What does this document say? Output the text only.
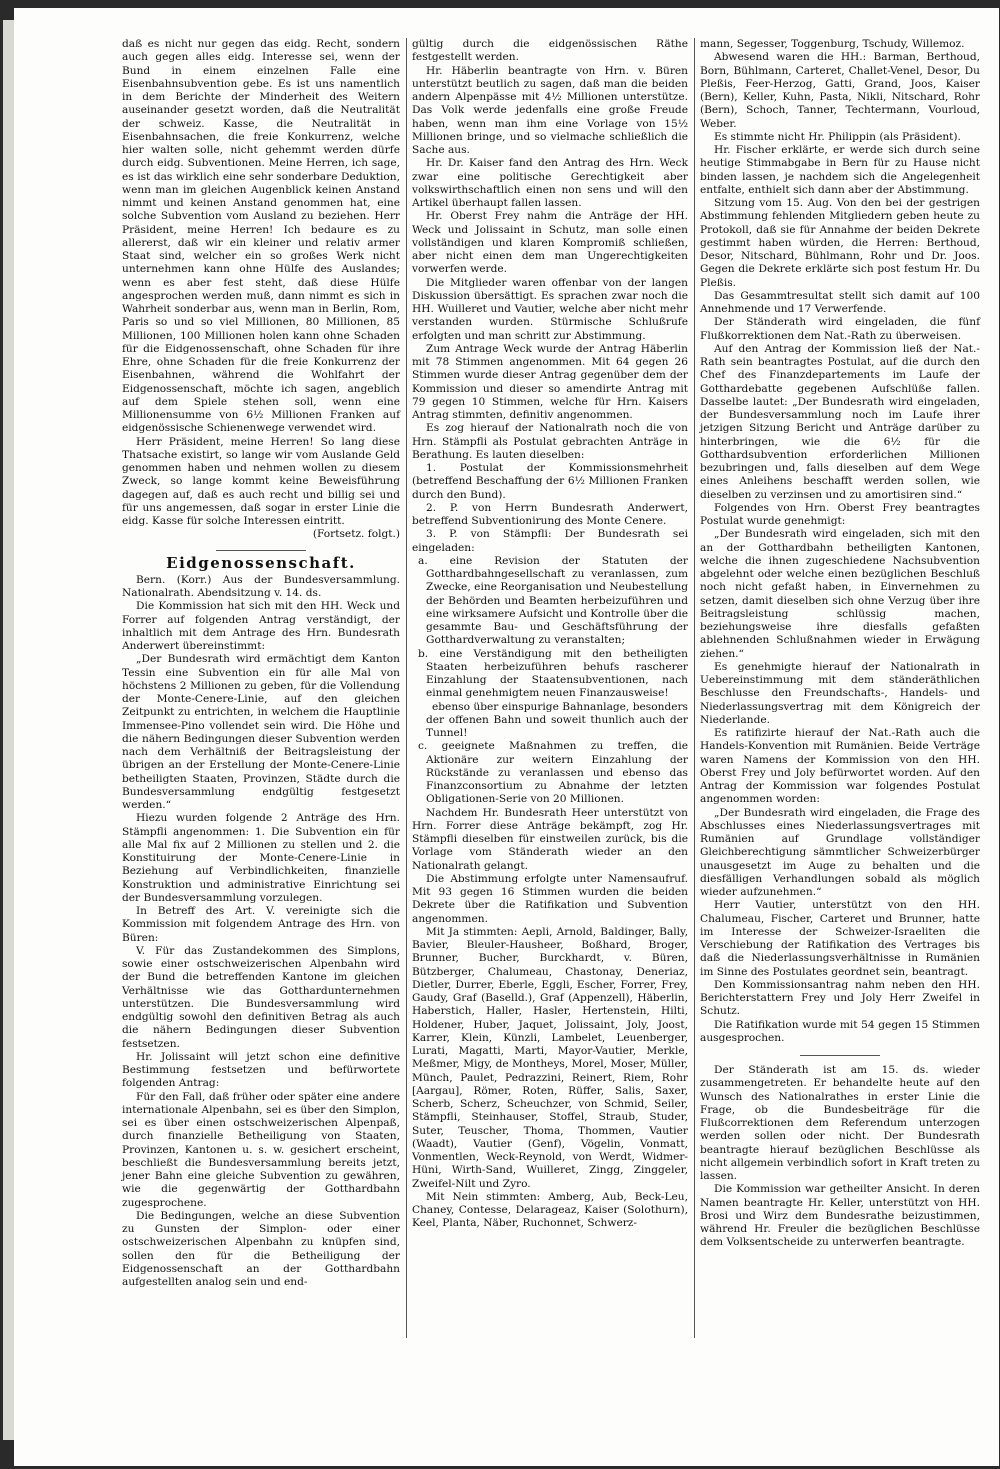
daß es nicht nur gegen das eidg. Recht, sondern auch gegen alles eidg. Interesse sei, wenn der Bund in einem einzelnen Falle eine Eisenbahnsubvention gebe. Es ist uns namentlich in dem Berichte der Minderheit des Weitern auseinander gesetzt worden, daß die Neutralität der schweiz. Kasse, die Neutralität in Eisenbahnsachen, die freie Konkurrenz, welche hier walten solle, nicht gehemmt werden dürfe durch eidg. Subventionen. Meine Herren, ich sage, es ist das wirklich eine sehr sonderbare Deduktion, wenn man im gleichen Augenblick keinen Anstand nimmt und keinen Anstand genommen hat, eine solche Subvention vom Ausland zu beziehen. Herr Präsident, meine Herren! Ich bedaure es zu allererst, daß wir ein kleiner und relativ armer Staat sind, welcher ein so großes Werk nicht unternehmen kann ohne Hülfe des Auslandes; wenn es aber fest steht, daß diese Hülfe angesprochen werden muß, dann nimmt es sich in Wahrheit sonderbar aus, wenn man in Berlin, Rom, Paris so und so viel Millionen, 80 Millionen, 85 Millionen, 100 Millionen holen kann ohne Schaden für die Eidgenossenschaft, ohne Schaden für ihre Ehre, ohne Schaden für die freie Konkurrenz der Eisenbahnen, während die Wohlfahrt der Eidgenossenschaft, möchte ich sagen, angeblich auf dem Spiele stehen soll, wenn eine Millionensumme von 6½ Millionen Franken auf eidgenössische Schienenwege verwendet wird.

Herr Präsident, meine Herren! So lang diese Thatsache existirt, so lange wir vom Auslande Geld genommen haben und nehmen wollen zu diesem Zweck, so lange kommt keine Beweisführung dagegen auf, daß es auch recht und billig sei und für uns angemessen, daß sogar in erster Linie die eidg. Kasse für solche Interessen eintritt.

(Fortsetz. folgt.)

Eidgenossenschaft.

Bern. (Korr.) Aus der Bundesversammlung. Nationalrath. Abendsitzung v. 14. ds.

Die Kommission hat sich mit den HH. Weck und Forrer auf folgenden Antrag verständigt, der inhaltlich mit dem Antrage des Hrn. Bundesrath Anderwert übereinstimmt:

„Der Bundesrath wird ermächtigt dem Kanton Tessin eine Subvention ein für alle Mal von höchstens 2 Millionen zu geben, für die Vollendung der Monte-Cenere-Linie, auf den gleichen Zeitpunkt zu entrichten, in welchem die Hauptlinie Immensee-Pino vollendet sein wird. Die Höhe und die nähern Bedingungen dieser Subvention werden nach dem Verhältniß der Beitragsleistung der übrigen an der Erstellung der Monte-Cenere-Linie betheiligten Staaten, Provinzen, Städte durch die Bundesversammlung endgültig festgesetzt werden.“

Hiezu wurden folgende 2 Anträge des Hrn. Stämpfli angenommen: 1. Die Subvention ein für alle Mal fix auf 2 Millionen zu stellen und 2. die Konstituirung der Monte-Cenere-Linie in Beziehung auf Verbindlichkeiten, finanzielle Konstruktion und administrative Einrichtung sei der Bundesversammlung vorzulegen.

In Betreff des Art. V. vereinigte sich die Kommission mit folgendem Antrage des Hrn. von Büren:

V. Für das Zustandekommen des Simplons, sowie einer ostschweizerischen Alpenbahn wird der Bund die betreffenden Kantone im gleichen Verhältnisse wie das Gotthardunternehmen unterstützen. Die Bundesversammlung wird endgültig sowohl den definitiven Betrag als auch die nähern Bedingungen dieser Subvention festsetzen.

Hr. Jolissaint will jetzt schon eine definitive Bestimmung festsetzen und befürwortete folgenden Antrag:

Für den Fall, daß früher oder später eine andere internationale Alpenbahn, sei es über den Simplon, sei es über einen ostschweizerischen Alpenpaß, durch finanzielle Betheiligung von Staaten, Provinzen, Kantonen u. s. w. gesichert erscheint, beschließt die Bundesversammlung bereits jetzt, jener Bahn eine gleiche Subvention zu gewähren, wie die gegenwärtig der Gotthardbahn zugesprochene.

Die Bedingungen, welche an diese Subvention zu Gunsten der Simplon- oder einer ostschweizerischen Alpenbahn zu knüpfen sind, sollen den für die Betheiligung der Eidgenossenschaft an der Gotthardbahn aufgestellten analog sein und end-

gültig durch die eidgenössischen Räthe festgestellt werden.

Hr. Häberlin beantragte von Hrn. v. Büren unterstützt beutlich zu sagen, daß man die beiden andern Alpenpässe mit 4½ Millionen unterstütze. Das Volk werde jedenfalls eine große Freude haben, wenn man ihm eine Vorlage von 15½ Millionen bringe, und so vielmache schließlich die Sache aus.

Hr. Dr. Kaiser fand den Antrag des Hrn. Weck zwar eine politische Gerechtigkeit aber volkswirthschaftlich einen non sens und will den Artikel überhaupt fallen lassen.

Hr. Oberst Frey nahm die Anträge der HH. Weck und Jolissaint in Schutz, man solle einen vollständigen und klaren Kompromiß schließen, aber nicht einen dem man Ungerechtigkeiten vorwerfen werde.

Die Mitglieder waren offenbar von der langen Diskussion übersättigt. Es sprachen zwar noch die HH. Wuilleret und Vautier, welche aber nicht mehr verstanden wurden. Stürmische Schlußrufe erfolgten und man schritt zur Abstimmung.

Zum Antrage Weck wurde der Antrag Häberlin mit 78 Stimmen angenommen. Mit 64 gegen 26 Stimmen wurde dieser Antrag gegenüber dem der Kommission und dieser so amendirte Antrag mit 79 gegen 10 Stimmen, welche für Hrn. Kaisers Antrag stimmten, definitiv angenommen.

Es zog hierauf der Nationalrath noch die von Hrn. Stämpfli als Postulat gebrachten Anträge in Berathung. Es lauten dieselben:

1. Postulat der Kommissionsmehrheit (betreffend Beschaffung der 6½ Millionen Franken durch den Bund).

2. P. von Herrn Bundesrath Anderwert, betreffend Subventionirung des Monte Cenere.

3. P. von Stämpfli: Der Bundesrath sei eingeladen:

a. eine Revision der Statuten der Gotthardbahngesellschaft zu veranlassen, zum Zwecke, eine Reorganisation und Neubestellung der Behörden und Beamten herbeizuführen und eine wirksamere Aufsicht und Kontrolle über die gesammte Bau- und Geschäftsführung der Gotthardverwaltung zu veranstalten;

b. eine Verständigung mit den betheiligten Staaten herbeizuführen behufs rascherer Einzahlung der Staatensubventionen, nach einmal genehmigtem neuen Finanzausweise!

ebenso über einspurige Bahnanlage, besonders der offenen Bahn und soweit thunlich auch der Tunnel!

c. geeignete Maßnahmen zu treffen, die Aktionäre zur weitern Einzahlung der Rückstände zu veranlassen und ebenso das Finanzconsortium zu Abnahme der letzten Obligationen-Serie von 20 Millionen.

Nachdem Hr. Bundesrath Heer unterstützt von Hrn. Forrer diese Anträge bekämpft, zog Hr. Stämpfli dieselben für einstweilen zurück, bis die Vorlage vom Ständerath wieder an den Nationalrath gelangt.

Die Abstimmung erfolgte unter Namensaufruf. Mit 93 gegen 16 Stimmen wurden die beiden Dekrete über die Ratifikation und Subvention angenommen.

Mit Ja stimmten: Aepli, Arnold, Baldinger, Bally, Bavier, Bleuler-Hausheer, Boßhard, Broger, Brunner, Bucher, Burckhardt, v. Büren, Bützberger, Chalumeau, Chastonay, Deneriaz, Dietler, Durrer, Eberle, Eggli, Escher, Forrer, Frey, Gaudy, Graf (Baselld.), Graf (Appenzell), Häberlin, Haberstich, Haller, Hasler, Hertenstein, Hilti, Holdener, Huber, Jaquet, Jolissaint, Joly, Joost, Karrer, Klein, Künzli, Lambelet, Leuenberger, Lurati, Magatti, Marti, Mayor-Vautier, Merkle, Meßmer, Migy, de Montheys, Morel, Moser, Müller, Münch, Paulet, Pedrazzini, Reinert, Riem, Rohr [Aargau], Römer, Roten, Rüffer, Salis, Saxer, Scherb, Scherz, Scheuchzer, von Schmid, Seiler, Stämpfli, Steinhauser, Stoffel, Straub, Studer, Suter, Teuscher, Thoma, Thommen, Vautier (Waadt), Vautier (Genf), Vögelin, Vonmatt, Vonmentlen, Weck-Reynold, von Werdt, Widmer-Hüni, Wirth-Sand, Wuilleret, Zingg, Zinggeler, Zweifel-Nilt und Zyro.

Mit Nein stimmten: Amberg, Aub, Beck-Leu, Chaney, Contesse, Delarageaz, Kaiser (Solothurn), Keel, Planta, Näber, Ruchonnet, Schwerz-

mann, Segesser, Toggenburg, Tschudy, Willemoz.

Abwesend waren die HH.: Barman, Berthoud, Born, Bühlmann, Carteret, Challet-Venel, Desor, Du Pleßis, Feer-Herzog, Gatti, Grand, Joos, Kaiser (Bern), Keller, Kuhn, Pasta, Nikli, Nitschard, Rohr (Bern), Schoch, Tanner, Techtermann, Vourloud, Weber.

Es stimmte nicht Hr. Philippin (als Präsident).

Hr. Fischer erklärte, er werde sich durch seine heutige Stimmabgabe in Bern für zu Hause nicht binden lassen, je nachdem sich die Angelegenheit entfalte, enthielt sich dann aber der Abstimmung.

Sitzung vom 15. Aug. Von den bei der gestrigen Abstimmung fehlenden Mitgliedern geben heute zu Protokoll, daß sie für Annahme der beiden Dekrete gestimmt haben würden, die Herren: Berthoud, Desor, Nitschard, Bühlmann, Rohr und Dr. Joos. Gegen die Dekrete erklärte sich post festum Hr. Du Pleßis.

Das Gesammtresultat stellt sich damit auf 100 Annehmende und 17 Verwerfende.

Der Ständerath wird eingeladen, die fünf Flußkorrektionen dem Nat.-Rath zu überweisen.

Auf den Antrag der Kommission ließ der Nat.-Rath sein beantragtes Postulat, auf die durch den Chef des Finanzdepartements im Laufe der Gotthardebatte gegebenen Aufschlüße fallen. Dasselbe lautet: „Der Bundesrath wird eingeladen, der Bundesversammlung noch im Laufe ihrer jetzigen Sitzung Bericht und Anträge darüber zu hinterbringen, wie die 6½ für die Gotthardsubvention erforderlichen Millionen bezubringen und, falls dieselben auf dem Wege eines Anleihens beschafft werden sollen, wie dieselben zu verzinsen und zu amortisiren sind.“

Folgendes von Hrn. Oberst Frey beantragtes Postulat wurde genehmigt:

„Der Bundesrath wird eingeladen, sich mit den an der Gotthardbahn betheiligten Kantonen, welche die ihnen zugeschiedene Nachsubvention abgelehnt oder welche einen bezüglichen Beschluß noch nicht gefaßt haben, in Einvernehmen zu setzen, damit dieselben sich ohne Verzug über ihre Beitragsleistung schlüssig machen, beziehungsweise ihre diesfalls gefaßten ablehnenden Schlußnahmen wieder in Erwägung ziehen.“

Es genehmigte hierauf der Nationalrath in Uebereinstimmung mit dem ständeräthlichen Beschlusse den Freundschafts-, Handels- und Niederlassungsvertrag mit dem Königreich der Niederlande.

Es ratifizirte hierauf der Nat.-Rath auch die Handels-Konvention mit Rumänien. Beide Verträge waren Namens der Kommission von den HH. Oberst Frey und Joly befürwortet worden. Auf den Antrag der Kommission war folgendes Postulat angenommen worden:

„Der Bundesrath wird eingeladen, die Frage des Abschlusses eines Niederlassungsvertrages mit Rumänien auf Grundlage vollständiger Gleichberechtigung sämmtlicher Schweizerbürger unausgesetzt im Auge zu behalten und die diesfälligen Verhandlungen sobald als möglich wieder aufzunehmen.“

Herr Vautier, unterstützt von den HH. Chalumeau, Fischer, Carteret und Brunner, hatte im Interesse der Schweizer-Israeliten die Verschiebung der Ratifikation des Vertrages bis daß die Niederlassungsverhältnisse in Rumänien im Sinne des Postulates geordnet sein, beantragt.

Den Kommissionsantrag nahm neben den HH. Berichterstattern Frey und Joly Herr Zweifel in Schutz.

Die Ratifikation wurde mit 54 gegen 15 Stimmen ausgesprochen.

Der Ständerath ist am 15. ds. wieder zusammengetreten. Er behandelte heute auf den Wunsch des Nationalrathes in erster Linie die Frage, ob die Bundesbeiträge für die Flußcorrektionen dem Referendum unterzogen werden sollen oder nicht. Der Bundesrath beantragte hierauf bezüglichen Beschlüsse als nicht allgemein verbindlich sofort in Kraft treten zu lassen.

Die Kommission war getheilter Ansicht. In deren Namen beantragte Hr. Keller, unterstützt von HH. Brosi und Wirz dem Bundesrathe beizustimmen, während Hr. Freuler die bezüglichen Beschlüsse dem Volksentscheide zu unterwerfen beantragte.
